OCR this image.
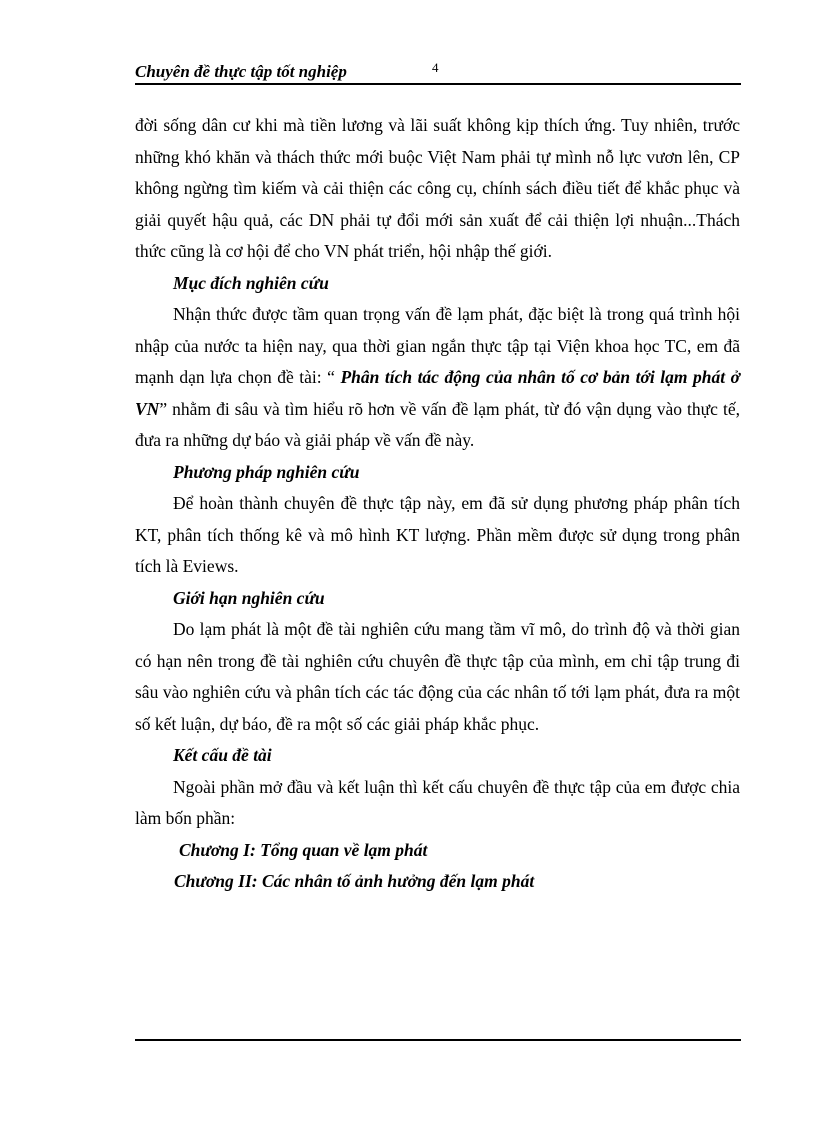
Chuyên đề thực tập tốt nghiệp	4

đời sống dân cư khi mà tiền lương và lãi suất không kịp thích ứng. Tuy nhiên, trước những khó khăn và thách thức mới buộc Việt Nam phải tự mình nỗ lực vươn lên, CP không ngừng tìm kiếm và cải thiện các công cụ, chính sách điều tiết để khắc phục và giải quyết hậu quả, các DN phải tự đổi mới sản xuất để cải thiện lợi nhuận...Thách thức cũng là cơ hội để cho VN phát triển, hội nhập thế giới.

Mục đích nghiên cứu

Nhận thức được tầm quan trọng vấn đề lạm phát, đặc biệt là trong quá trình hội nhập của nước ta hiện nay, qua thời gian ngắn thực tập tại Viện khoa học TC, em đã mạnh dạn lựa chọn đề tài: “ Phân tích tác động của nhân tố cơ bản tới lạm phát ở VN” nhằm đi sâu và tìm hiểu rõ hơn về vấn đề lạm phát, từ đó vận dụng vào thực tế, đưa ra những dự báo và giải pháp về vấn đề này.

Phương pháp nghiên cứu

Để hoàn thành chuyên đề thực tập này, em đã sử dụng phương pháp phân tích KT, phân tích thống kê và mô hình KT lượng. Phần mềm được sử dụng trong phân tích là Eviews.

Giới hạn nghiên cứu

Do lạm phát là một đề tài nghiên cứu mang tầm vĩ mô, do trình độ và thời gian có hạn nên trong đề tài nghiên cứu chuyên đề thực tập của mình, em chỉ tập trung đi sâu vào nghiên cứu và phân tích các tác động của các nhân tố tới lạm phát, đưa ra một số kết luận, dự báo, đề ra một số các giải pháp khắc phục.

Kết cấu đề tài

Ngoài phần mở đầu và kết luận thì kết cấu chuyên đề thực tập của em được chia làm bốn phần:

Chương I: Tổng quan về lạm phát

Chương II: Các nhân tố ảnh hưởng đến lạm phát
